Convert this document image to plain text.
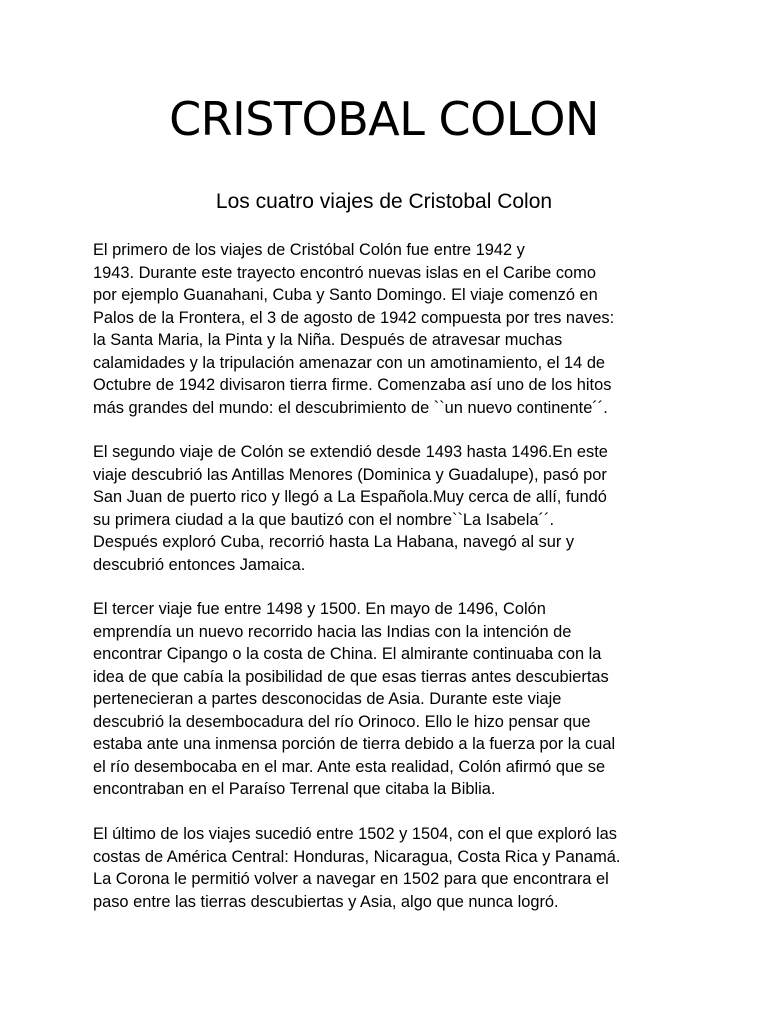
CRISTOBAL COLON
Los cuatro viajes de Cristobal Colon

El primero de los viajes de Cristóbal Colón fue entre 1942 y
1943. Durante este trayecto encontró nuevas islas en el Caribe como
por ejemplo Guanahani, Cuba y Santo Domingo. El viaje comenzó en
Palos de la Frontera, el 3 de agosto de 1942 compuesta por tres naves:
la Santa Maria, la Pinta y la Niña. Después de atravesar muchas
calamidades y la tripulación amenazar con un amotinamiento, el 14 de
Octubre de 1942 divisaron tierra firme. Comenzaba así uno de los hitos
más grandes del mundo: el descubrimiento de ``un nuevo continente´´.

El segundo viaje de Colón se extendió desde 1493 hasta 1496.En este
viaje descubrió las Antillas Menores (Dominica y Guadalupe), pasó por
San Juan de puerto rico y llegó a La Española.Muy cerca de allí, fundó
su primera ciudad a la que bautizó con el nombre``La Isabela´´.
Después exploró Cuba, recorrió hasta La Habana, navegó al sur y
descubrió entonces Jamaica.

El tercer viaje fue entre 1498 y 1500. En mayo de 1496, Colón
emprendía un nuevo recorrido hacia las Indias con la intención de
encontrar Cipango o la costa de China. El almirante continuaba con la
idea de que cabía la posibilidad de que esas tierras antes descubiertas
pertenecieran a partes desconocidas de Asia. Durante este viaje
descubrió la desembocadura del río Orinoco. Ello le hizo pensar que
estaba ante una inmensa porción de tierra debido a la fuerza por la cual
el río desembocaba en el mar. Ante esta realidad, Colón afirmó que se
encontraban en el Paraíso Terrenal que citaba la Biblia.

El último de los viajes sucedió entre 1502 y 1504, con el que exploró las
costas de América Central: Honduras, Nicaragua, Costa Rica y Panamá.
La Corona le permitió volver a navegar en 1502 para que encontrara el
paso entre las tierras descubiertas y Asia, algo que nunca logró.
